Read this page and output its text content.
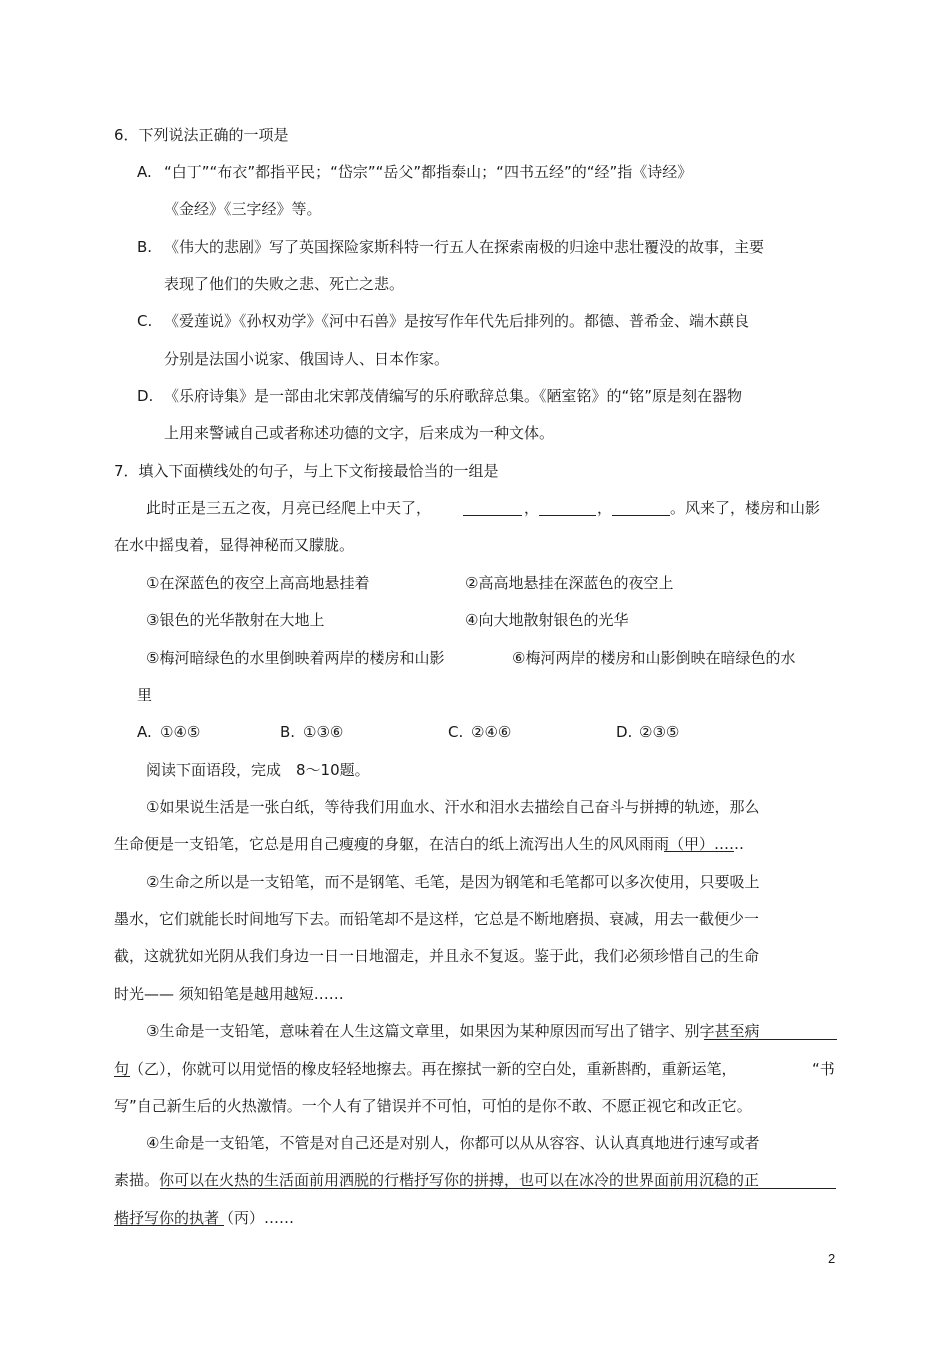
6．下列说法正确的一项是
A. “白丁”“布衣”都指平民；“岱宗”“岳父”都指泰山；“四书五经”的“经”指《诗经》
《金经》《三字经》等。
B. 《伟大的悲剧》写了英国探险家斯科特一行五人在探索南极的归途中悲壮覆没的故事，主要
表现了他们的失败之悲、死亡之悲。
C. 《爱莲说》《孙权劝学》《河中石兽》是按写作年代先后排列的。都德、普希金、端木蕻良
分别是法国小说家、俄国诗人、日本作家。
D. 《乐府诗集》是一部由北宋郭茂倩编写的乐府歌辞总集。《陋室铭》的“铭”原是刻在器物
上用来警诫自己或者称述功德的文字，后来成为一种文体。
7．填入下面横线处的句子，与上下文衔接最恰当的一组是
此时正是三五之夜，月亮已经爬上中天了，	，	，	。风来了，楼房和山影
在水中摇曳着，显得神秘而又朦胧。
①在深蓝色的夜空上高高地悬挂着	②高高地悬挂在深蓝色的夜空上
③银色的光华散射在大地上	④向大地散射银色的光华
⑤梅河暗绿色的水里倒映着两岸的楼房和山影	⑥梅河两岸的楼房和山影倒映在暗绿色的水
里
A. ①④⑤	B. ①③⑥	C. ②④⑥	D. ②③⑤
阅读下面语段，完成　8～10题。
①如果说生活是一张白纸，等待我们用血水、汗水和泪水去描绘自己奋斗与拼搏的轨迹，那么
生命便是一支铅笔，它总是用自己瘦瘦的身躯，在洁白的纸上流泻出人生的风风雨雨（甲）……
②生命之所以是一支铅笔，而不是钢笔、毛笔，是因为钢笔和毛笔都可以多次使用，只要吸上
墨水，它们就能长时间地写下去。而铅笔却不是这样，它总是不断地磨损、衰减，用去一截便少一
截，这就犹如光阴从我们身边一日一日地溜走，并且永不复返。鉴于此，我们必须珍惜自己的生命
时光—— 须知铅笔是越用越短……
③生命是一支铅笔，意味着在人生这篇文章里，如果因为某种原因而写出了错字、别字甚至病
句（乙），你就可以用觉悟的橡皮轻轻地擦去。再在擦拭一新的空白处，重新斟酌，重新运笔，	“书
写”自己新生后的火热激情。一个人有了错误并不可怕，可怕的是你不敢、不愿正视它和改正它。
④生命是一支铅笔，不管是对自己还是对别人，你都可以从从容容、认认真真地进行速写或者
素描。你可以在火热的生活面前用洒脱的行楷抒写你的拼搏，也可以在冰冷的世界面前用沉稳的正
楷抒写你的执著（丙）……
2
